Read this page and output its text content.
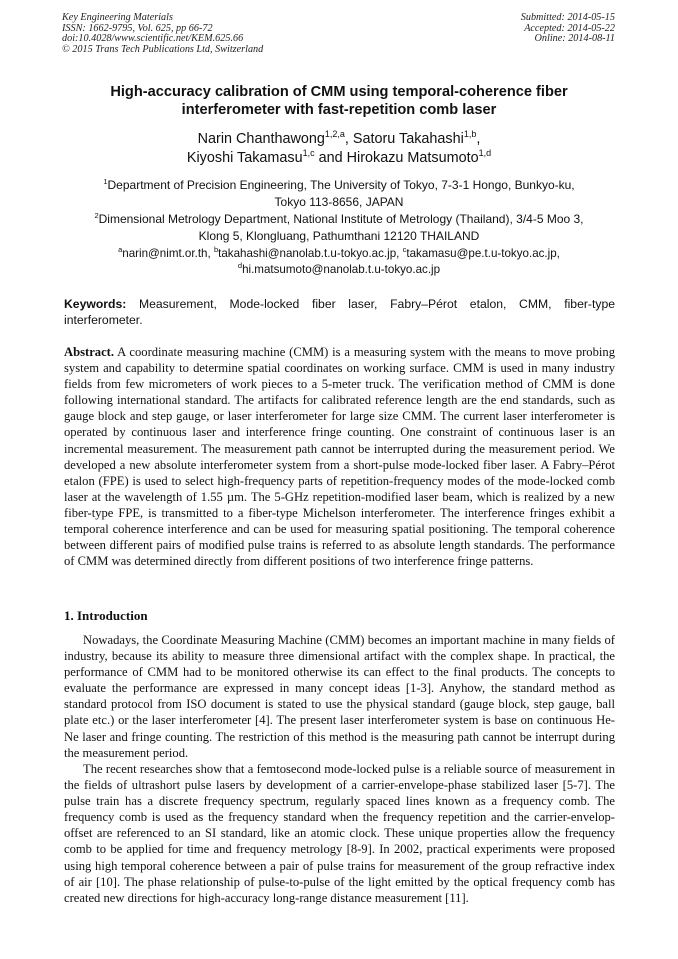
Key Engineering Materials
ISSN: 1662-9795, Vol. 625, pp 66-72
doi:10.4028/www.scientific.net/KEM.625.66
© 2015 Trans Tech Publications Ltd, Switzerland
Submitted: 2014-05-15
Accepted: 2014-05-22
Online: 2014-08-11
High-accuracy calibration of CMM using temporal-coherence fiber
interferometer with fast-repetition comb laser
Narin Chanthawong$^{1,2,a}$, Satoru Takahashi$^{1,b}$,
Kiyoshi Takamasu$^{1,c}$ and Hirokazu Matsumoto$^{1,d}$
$^1$Department of Precision Engineering, The University of Tokyo, 7-3-1 Hongo, Bunkyo-ku,
Tokyo 113-8656, JAPAN
$^2$Dimensional Metrology Department, National Institute of Metrology (Thailand), 3/4-5 Moo 3,
Klong 5, Klongluang, Pathumthani 12120 THAILAND
$^a$narin@nimt.or.th, $^b$takahashi@nanolab.t.u-tokyo.ac.jp, $^c$takamasu@pe.t.u-tokyo.ac.jp,
$^d$hi.matsumoto@nanolab.t.u-tokyo.ac.jp
Keywords: Measurement, Mode-locked fiber laser, Fabry–Pérot etalon, CMM, fiber-type interferometer.
Abstract. A coordinate measuring machine (CMM) is a measuring system with the means to move probing system and capability to determine spatial coordinates on working surface. CMM is used in many industry fields from few micrometers of work pieces to a 5-meter truck. The verification method of CMM is done following international standard. The artifacts for calibrated reference length are the end standards, such as gauge block and step gauge, or laser interferometer for large size CMM. The current laser interferometer is operated by continuous laser and interference fringe counting. One constraint of continuous laser is an incremental measurement. The measurement path cannot be interrupted during the measurement period. We developed a new absolute interferometer system from a short-pulse mode-locked fiber laser. A Fabry–Pérot etalon (FPE) is used to select high-frequency parts of repetition-frequency modes of the mode-locked comb laser at the wavelength of 1.55 µm. The 5-GHz repetition-modified laser beam, which is realized by a new fiber-type FPE, is transmitted to a fiber-type Michelson interferometer. The interference fringes exhibit a temporal coherence interference and can be used for measuring spatial positioning. The temporal coherence between different pairs of modified pulse trains is referred to as absolute length standards. The performance of CMM was determined directly from different positions of two interference fringe patterns.
1. Introduction

Nowadays, the Coordinate Measuring Machine (CMM) becomes an important machine in many fields of industry, because its ability to measure three dimensional artifact with the complex shape. In practical, the performance of CMM had to be monitored otherwise its can effect to the final products. The concepts to evaluate the performance are expressed in many concept ideas [1-3]. Anyhow, the standard method as standard protocol from ISO document is stated to use the physical standard (gauge block, step gauge, ball plate etc.) or the laser interferometer [4]. The present laser interferometer system is base on continuous He-Ne laser and fringe counting. The restriction of this method is the measuring path cannot be interrupt during the measurement period.

The recent researches show that a femtosecond mode-locked pulse is a reliable source of measurement in the fields of ultrashort pulse lasers by development of a carrier-envelope-phase stabilized laser [5-7]. The pulse train has a discrete frequency spectrum, regularly spaced lines known as a frequency comb. The frequency comb is used as the frequency standard when the frequency repetition and the carrier-envelop-offset are referenced to an SI standard, like an atomic clock. These unique properties allow the frequency comb to be applied for time and frequency metrology [8-9]. In 2002, practical experiments were proposed using high temporal coherence between a pair of pulse trains for measurement of the group refractive index of air [10]. The phase relationship of pulse-to-pulse of the light emitted by the optical frequency comb has created new directions for high-accuracy long-range distance measurement [11].
